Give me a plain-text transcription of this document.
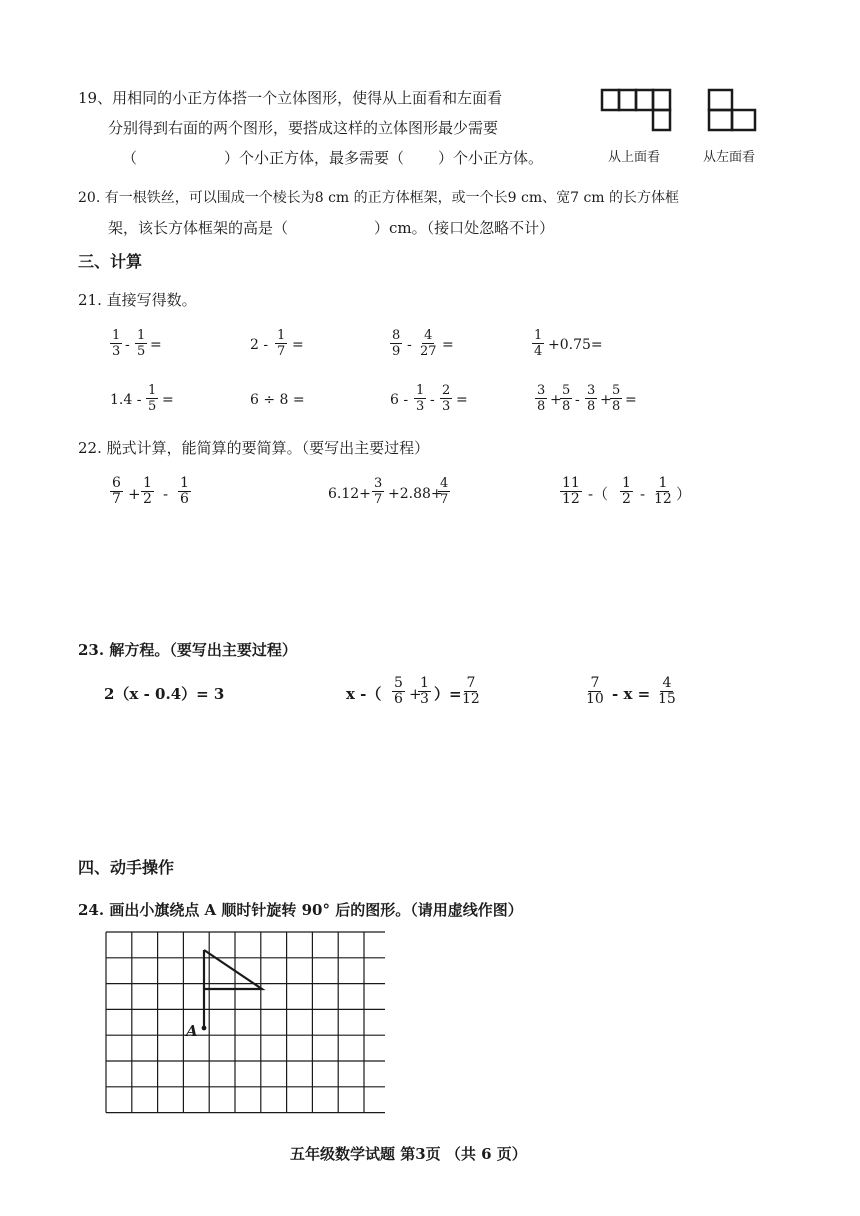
19、用相同的小正方体搭一个立体图形，使得从上面看和左面看
分别得到右面的两个图形，要搭成这样的立体图形最少需要
（	）个小正方体，最多需要（ ）个小正方体。	从上面看	从左面看
20. 有一根铁丝，可以围成一个棱长为8 cm 的正方体框架，或一个长9 cm、宽7 cm 的长方体框
架，该长方体框架的高是（	）cm。（接口处忽略不计）
三、计算
21. 直接写得数。
$\frac{1}{3} - \frac{1}{5}$ =	$2 - \frac{1}{7}$ =	$\frac{8}{9} - \frac{4}{27}$ =	$\frac{1}{4} +0.75=$
$1.4 - \frac{1}{5}$ =	6 ÷ 8 =	$6 - \frac{1}{3} - \frac{2}{3}$ =	$\frac{3}{8}$ +
$\frac{5}{8} - \frac{3}{8}$ +
$\frac{5}{8}$ =
22. 脱式计算，能简算的要简算。（要写出主要过程）
$\frac{6}{7} + \frac{1}{2} - \frac{1}{6}$	$6.12+ \frac{3}{7} +2.88+$
$\frac{4}{7}$	$\frac{11}{12}$ -（ $\frac{1}{2} - \frac{1}{12}$ ）
23. 解方程。（要写出主要过程）
2（x - 0.4）= 3	x -（ $\frac{5}{6}$ +
$\frac{1}{3}$ ）=
$\frac{7}{12}$	$\frac{7}{10} - x = \frac{4}{15}$
四、动手操作
24. 画出小旗绕点 A 顺时针旋转 90° 后的图形。（请用虚线作图）
A
五年级数学试题 第3页 （共 6 页）
